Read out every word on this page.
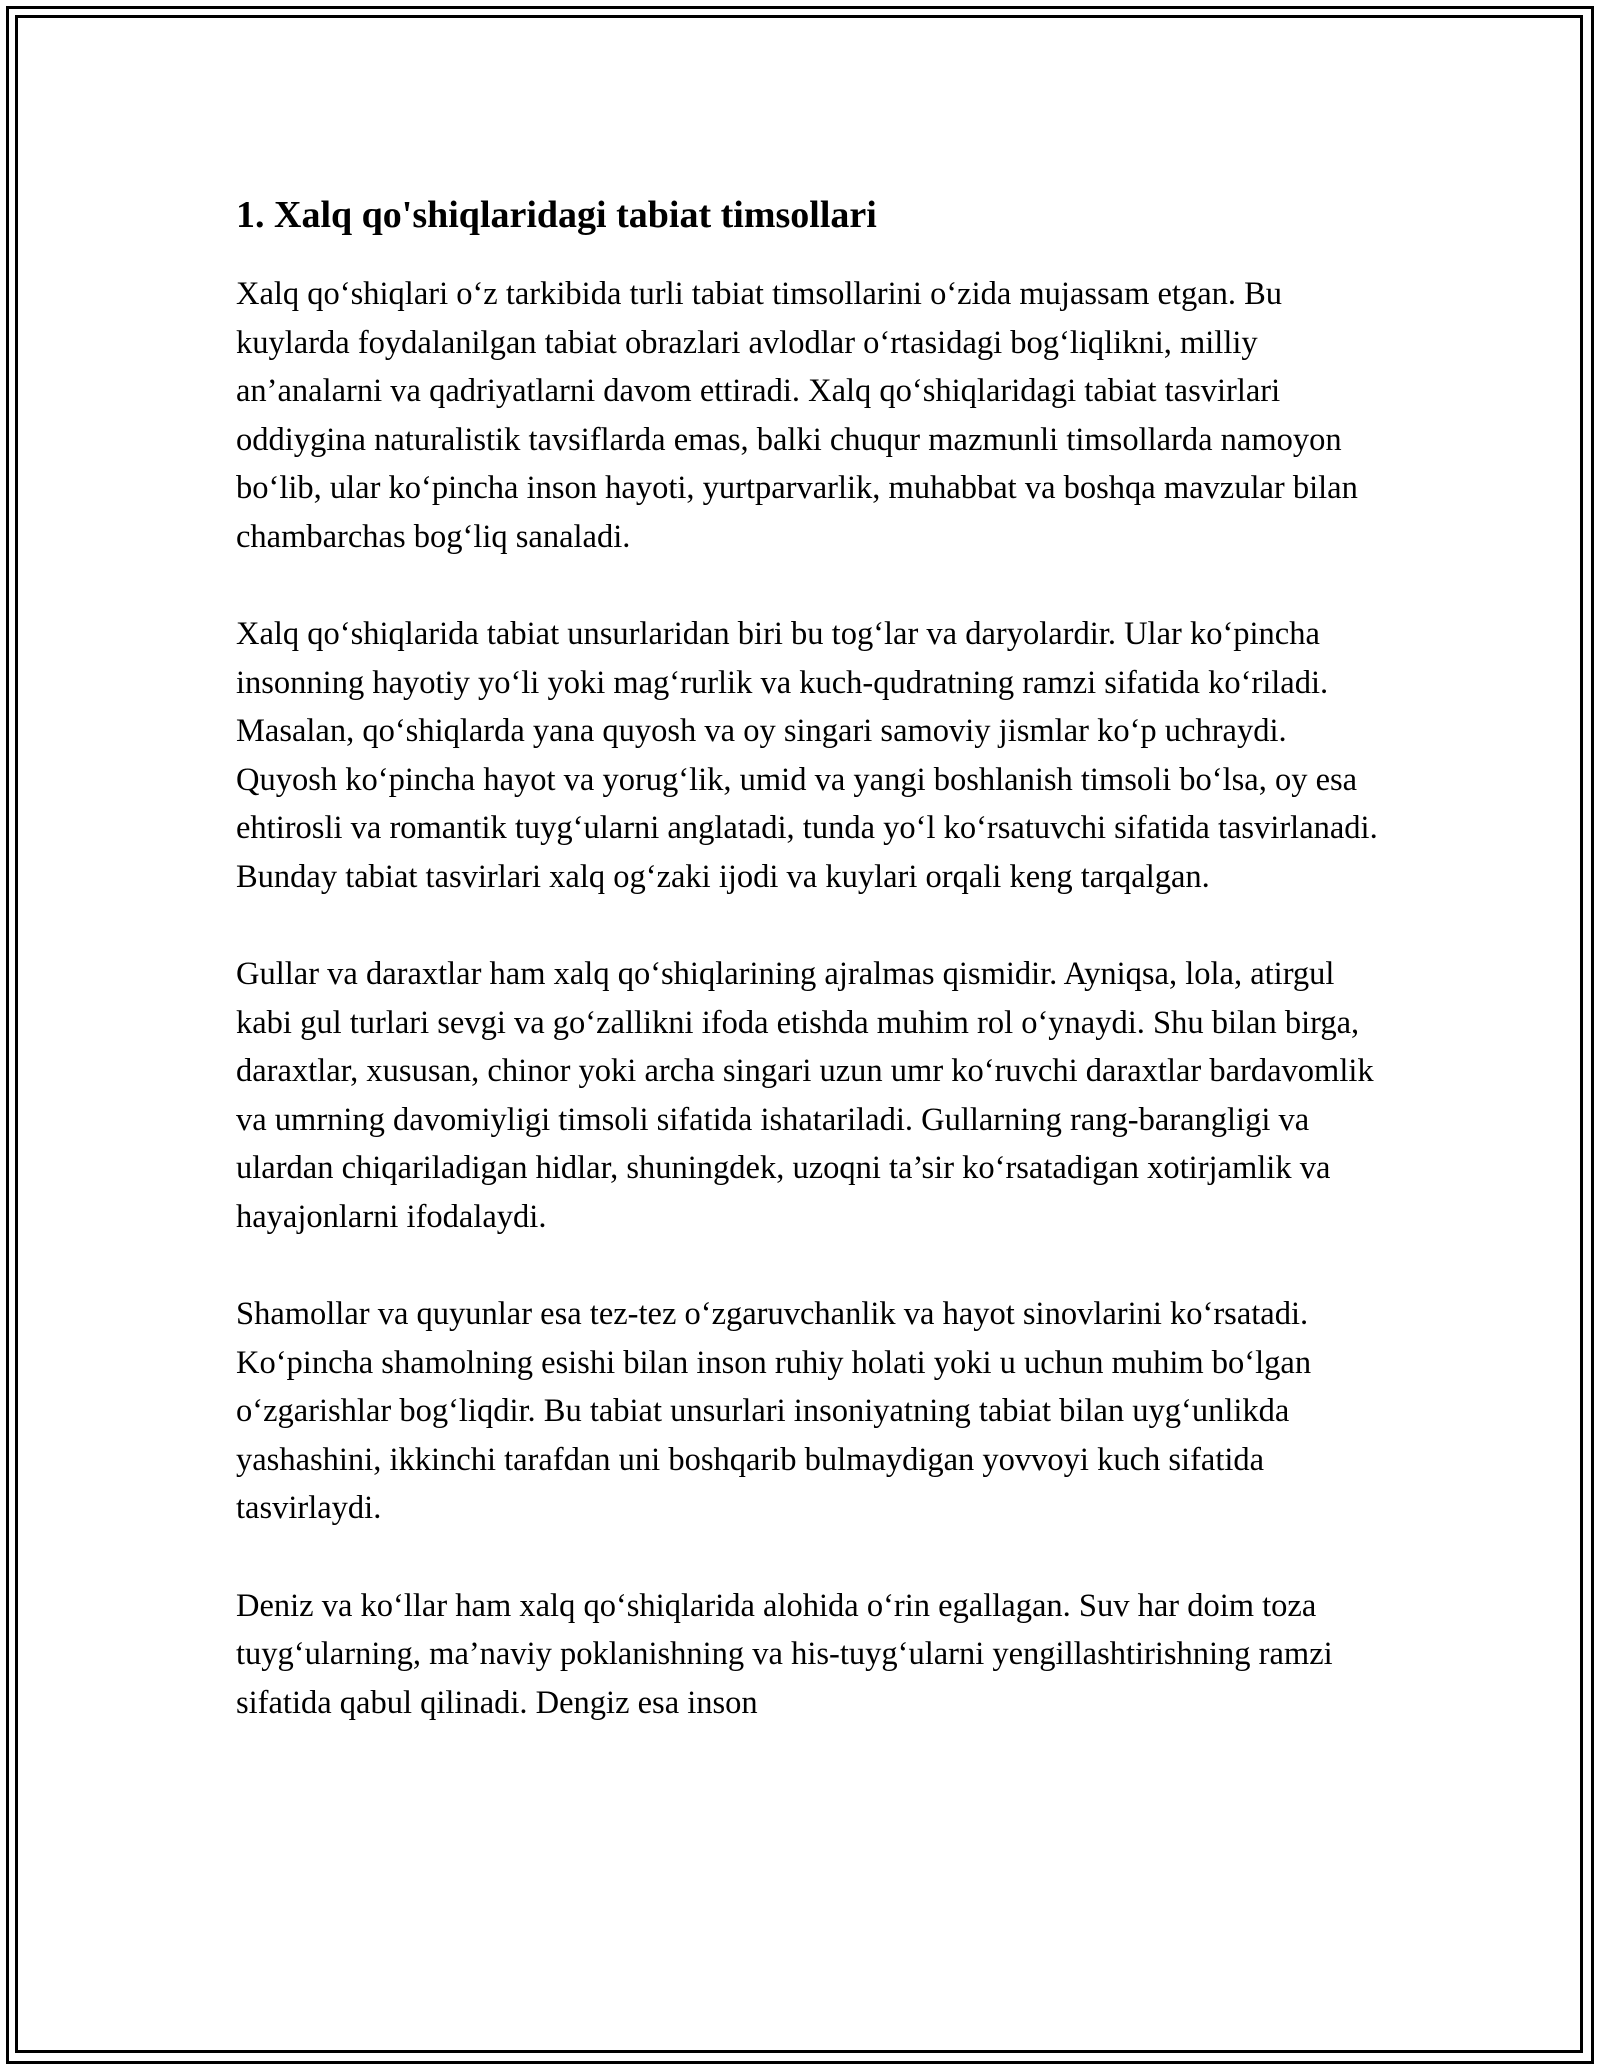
1. Xalq qo'shiqlaridagi tabiat timsollari

Xalq qo‘shiqlari o‘z tarkibida turli tabiat timsollarini o‘zida mujassam etgan. Bu kuylarda foydalanilgan tabiat obrazlari avlodlar o‘rtasidagi bog‘liqlikni, milliy an’analarni va qadriyatlarni davom ettiradi. Xalq qo‘shiqlaridagi tabiat tasvirlari oddiygina naturalistik tavsiflarda emas, balki chuqur mazmunli timsollarda namoyon bo‘lib, ular ko‘pincha inson hayoti, yurtparvarlik, muhabbat va boshqa mavzular bilan chambarchas bog‘liq sanaladi.

Xalq qo‘shiqlarida tabiat unsurlaridan biri bu tog‘lar va daryolardir. Ular ko‘pincha insonning hayotiy yo‘li yoki mag‘rurlik va kuch-qudratning ramzi sifatida ko‘riladi. Masalan, qo‘shiqlarda yana quyosh va oy singari samoviy jismlar ko‘p uchraydi. Quyosh ko‘pincha hayot va yorug‘lik, umid va yangi boshlanish timsoli bo‘lsa, oy esa ehtirosli va romantik tuyg‘ularni anglatadi, tunda yo‘l ko‘rsatuvchi sifatida tasvirlanadi. Bunday tabiat tasvirlari xalq og‘zaki ijodi va kuylari orqali keng tarqalgan.

Gullar va daraxtlar ham xalq qo‘shiqlarining ajralmas qismidir. Ayniqsa, lola, atirgul kabi gul turlari sevgi va go‘zallikni ifoda etishda muhim rol o‘ynaydi. Shu bilan birga, daraxtlar, xususan, chinor yoki archa singari uzun umr ko‘ruvchi daraxtlar bardavomlik va umrning davomiyligi timsoli sifatida ishatariladi. Gullarning rang-barangligi va ulardan chiqariladigan hidlar, shuningdek, uzoqni ta’sir ko‘rsatadigan xotirjamlik va hayajonlarni ifodalaydi.

Shamollar va quyunlar esa tez-tez o‘zgaruvchanlik va hayot sinovlarini ko‘rsatadi. Ko‘pincha shamolning esishi bilan inson ruhiy holati yoki u uchun muhim bo‘lgan o‘zgarishlar bog‘liqdir. Bu tabiat unsurlari insoniyatning tabiat bilan uyg‘unlikda yashashini, ikkinchi tarafdan uni boshqarib bulmaydigan yovvoyi kuch sifatida tasvirlaydi.

Deniz va ko‘llar ham xalq qo‘shiqlarida alohida o‘rin egallagan. Suv har doim toza tuyg‘ularning, ma’naviy poklanishning va his-tuyg‘ularni yengillashtirishning ramzi sifatida qabul qilinadi. Dengiz esa inson
